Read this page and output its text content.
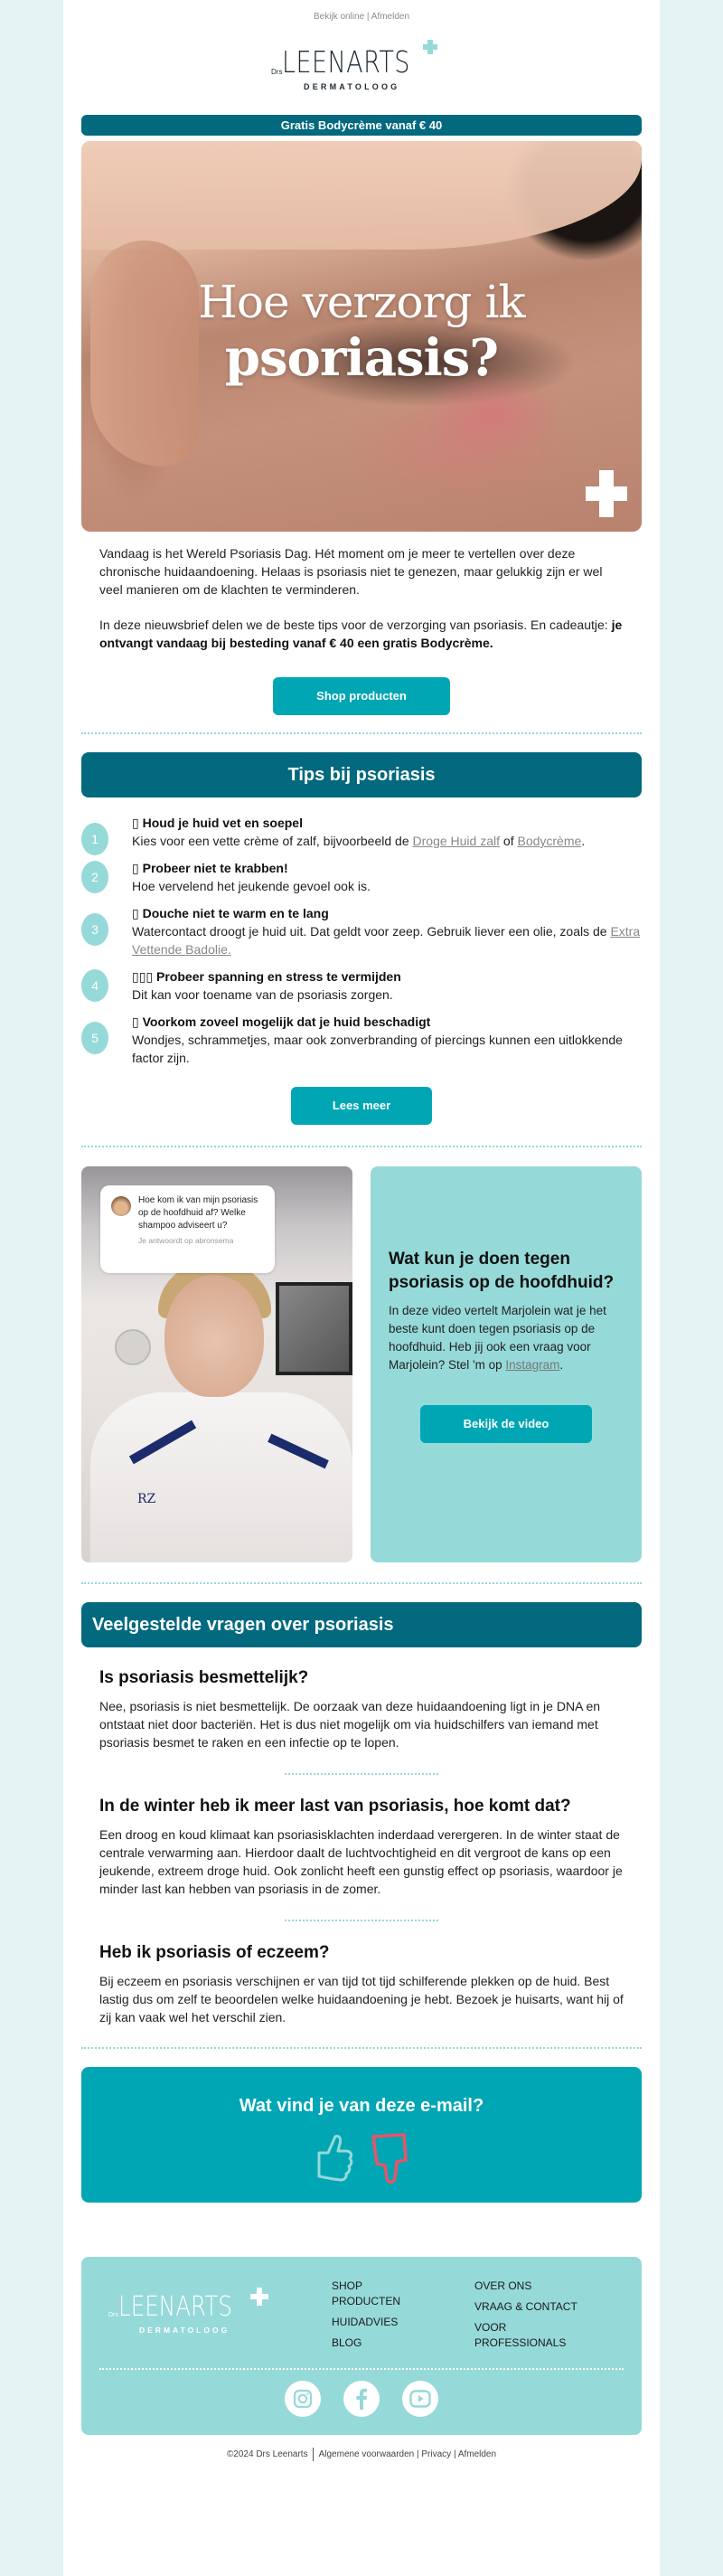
Bekijk online | Afmelden
Drs LEENARTS
DERMATOLOOG
Gratis Bodycrème vanaf € 40
Hoe verzorg ik
psoriasis?

Vandaag is het Wereld Psoriasis Dag. Hét moment om je meer te vertellen over deze chronische huidaandoening. Helaas is psoriasis niet te genezen, maar gelukkig zijn er wel veel manieren om de klachten te verminderen.

In deze nieuwsbrief delen we de beste tips voor de verzorging van psoriasis. En cadeautje: je ontvangt vandaag bij besteding vanaf € 40 een gratis Bodycrème.

Shop producten
Tips bij psoriasis
1
▯ Houd je huid vet en soepel
Kies voor een vette crème of zalf, bijvoorbeeld de Droge Huid zalf of Bodycrème.
2
▯ Probeer niet te krabben!
Hoe vervelend het jeukende gevoel ook is.
3
▯ Douche niet te warm en te lang
Watercontact droogt je huid uit. Dat geldt voor zeep. Gebruik liever een olie, zoals de Extra Vettende Badolie.
4
▯▯▯ Probeer spanning en stress te vermijden
Dit kan voor toename van de psoriasis zorgen.
5
▯ Voorkom zoveel mogelijk dat je huid beschadigt
Wondjes, schrammetjes, maar ook zonverbranding of piercings kunnen een uitlokkende factor zijn.
Lees meer
RZ
Hoe kom ik van mijn psoriasis op de hoofdhuid af? Welke shampoo adviseert u?
Je antwoordt op abronsema
Wat kun je doen tegen psoriasis op de hoofdhuid?

In deze video vertelt Marjolein wat je het beste kunt doen tegen psoriasis op de hoofdhuid. Heb jij ook een vraag voor Marjolein? Stel 'm op Instagram.

Bekijk de video
Veelgestelde vragen over psoriasis
Is psoriasis besmettelijk?

Nee, psoriasis is niet besmettelijk. De oorzaak van deze huidaandoening ligt in je DNA en ontstaat niet door bacteriën. Het is dus niet mogelijk om via huidschilfers van iemand met psoriasis besmet te raken en een infectie op te lopen.

In de winter heb ik meer last van psoriasis, hoe komt dat?

Een droog en koud klimaat kan psoriasisklachten inderdaad verergeren. In de winter staat de centrale verwarming aan. Hierdoor daalt de luchtvochtigheid en dit vergroot de kans op een jeukende, extreem droge huid. Ook zonlicht heeft een gunstig effect op psoriasis, waardoor je minder last kan hebben van psoriasis in de zomer.

Heb ik psoriasis of eczeem?

Bij eczeem en psoriasis verschijnen er van tijd tot tijd schilferende plekken op de huid. Best lastig dus om zelf te beoordelen welke huidaandoening je hebt. Bezoek je huisarts, want hij of zij kan vaak wel het verschil zien.

Wat vind je van deze e-mail?
Drs LEENARTS
DERMATOLOOG
SHOP PRODUCTEN
HUIDADVIES
BLOG
OVER ONS
VRAAG & CONTACT
VOOR PROFESSIONALS
©2024 Drs Leenarts Algemene voorwaarden | Privacy | Afmelden
